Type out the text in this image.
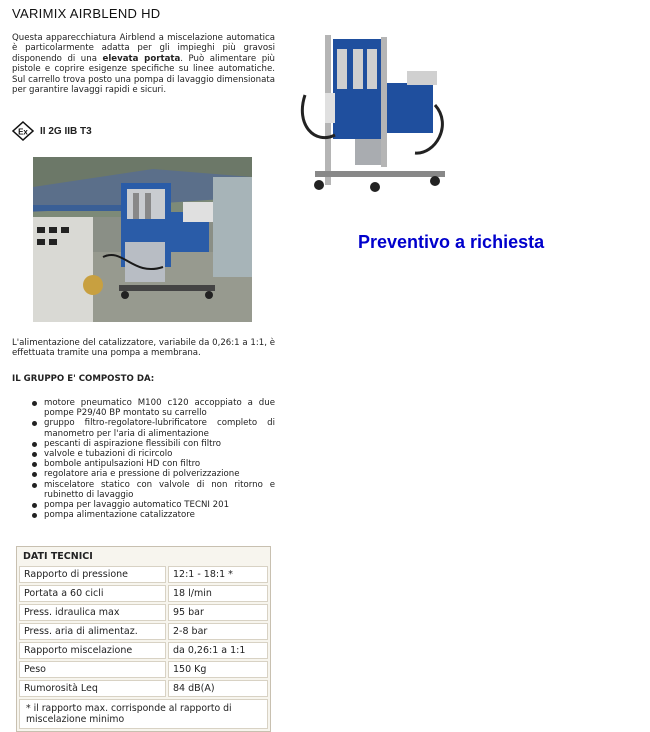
VARIMIX AIRBLEND HD
Questa apparecchiatura Airblend a miscelazione automatica è particolarmente adatta per gli impieghi più gravosi disponendo di una elevata portata. Può alimentare più pistole e coprire esigenze specifiche su linee automatiche. Sul carrello trova posto una pompa di lavaggio dimensionata per garantire lavaggi rapidi e sicuri.
Ex II 2G IIB T3
Preventivo a richiesta
L'alimentazione del catalizzatore, variabile da 0,26:1 a 1:1, è effettuata tramite una pompa a membrana.
IL GRUPPO E' COMPOSTO DA:
motore pneumatico M100 c120 accoppiato a due pompe P29/40 BP montato su carrello
gruppo filtro-regolatore-lubrificatore completo di manometro per l'aria di alimentazione
pescanti di aspirazione flessibili con filtro
valvole e tubazioni di ricircolo
bombole antipulsazioni HD con filtro
regolatore aria e pressione di polverizzazione
miscelatore statico con valvole di non ritorno e rubinetto di lavaggio
pompa per lavaggio automatico TECNI 201
pompa alimentazione catalizzatore
DATI TECNICI	
Rapporto di pressione	12:1 - 18:1 *
Portata a 60 cicli	18 l/min
Press. idraulica max	95 bar
Press. aria di alimentaz.	2-8 bar
Rapporto miscelazione	da 0,26:1 a 1:1
Peso	150 Kg
Rumorosità Leq	84 dB(A)
* il rapporto max. corrisponde al rapporto di miscelazione minimo	
